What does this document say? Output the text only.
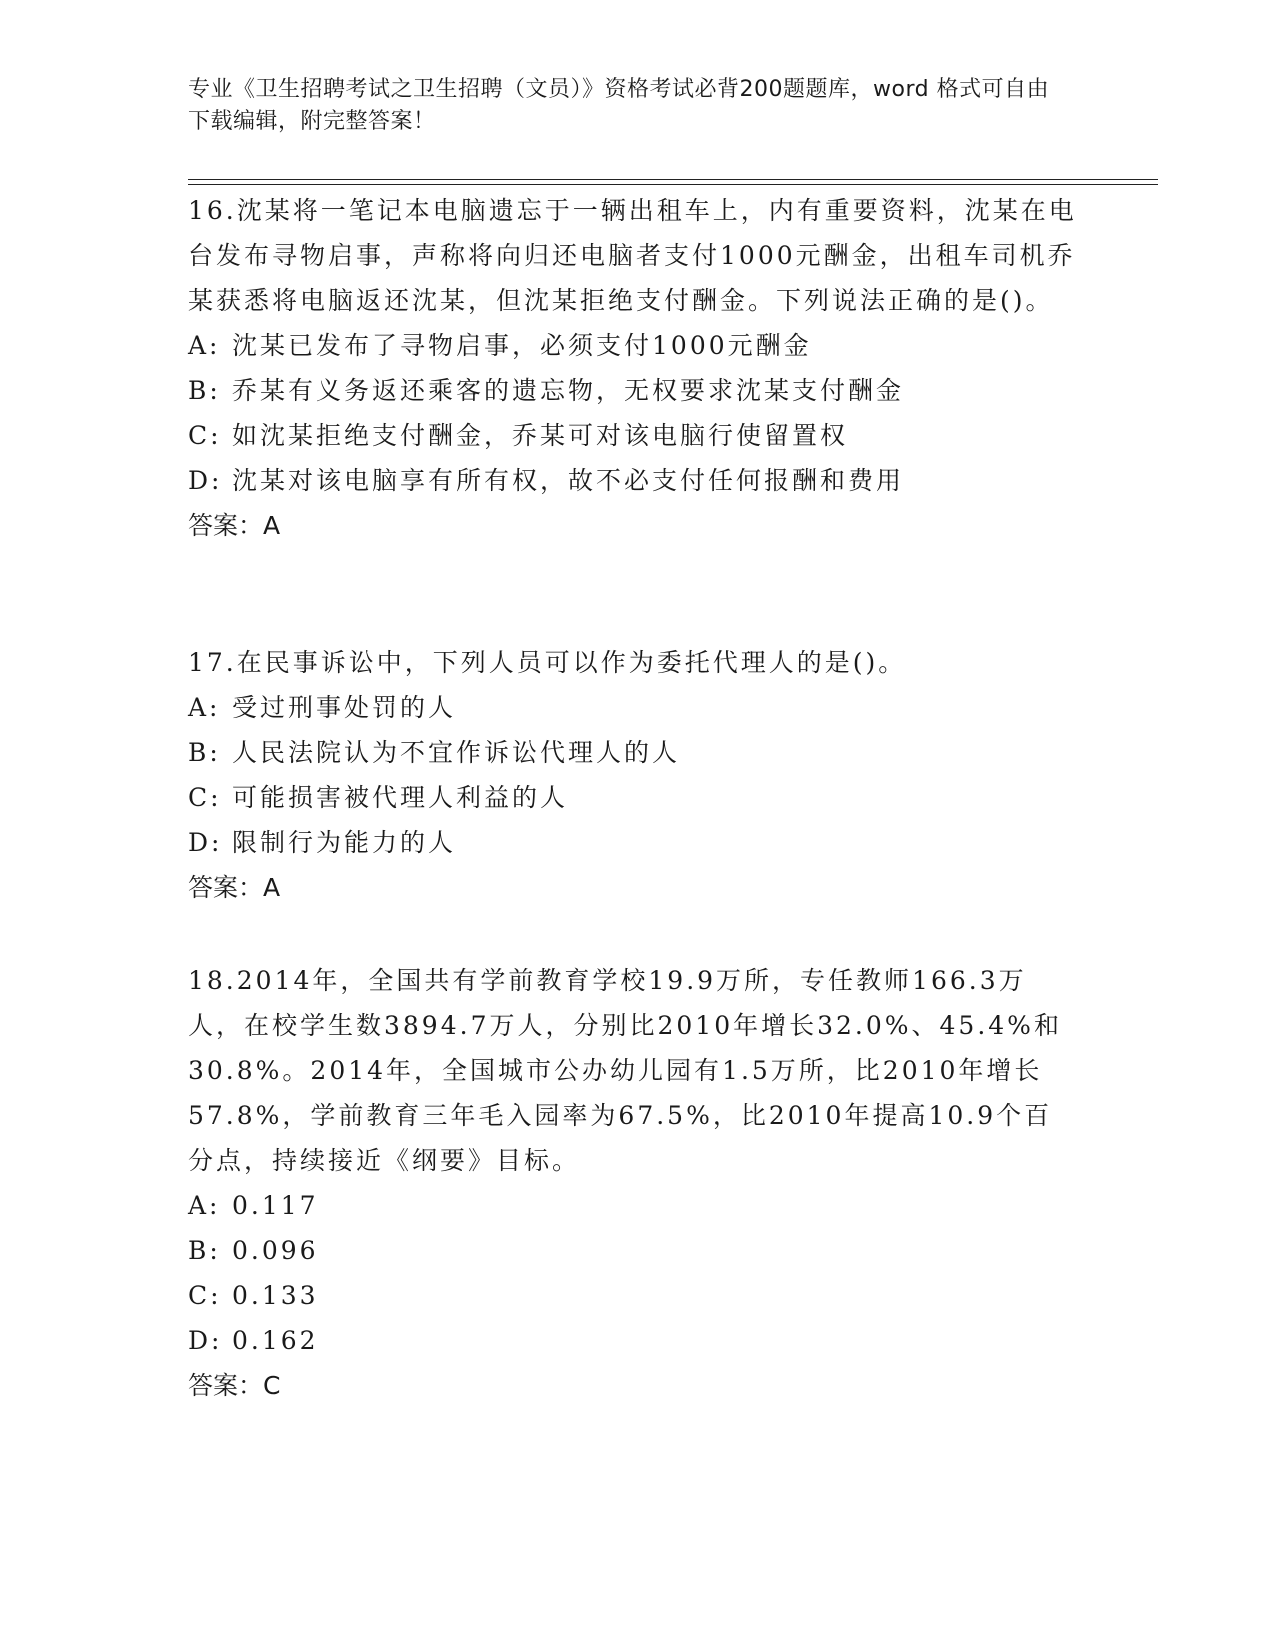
专业《卫生招聘考试之卫生招聘（文员）》资格考试必背200题题库，word 格式可自由下载编辑，附完整答案！

16.沈某将一笔记本电脑遗忘于一辆出租车上，内有重要资料，沈某在电台发布寻物启事，声称将向归还电脑者支付1000元酬金，出租车司机乔某获悉将电脑返还沈某，但沈某拒绝支付酬金。下列说法正确的是()。

A: 沈某已发布了寻物启事，必须支付1000元酬金

B: 乔某有义务返还乘客的遗忘物，无权要求沈某支付酬金

C: 如沈某拒绝支付酬金，乔某可对该电脑行使留置权

D: 沈某对该电脑享有所有权，故不必支付任何报酬和费用

答案：A

17.在民事诉讼中，下列人员可以作为委托代理人的是()。

A: 受过刑事处罚的人

B: 人民法院认为不宜作诉讼代理人的人

C: 可能损害被代理人利益的人

D: 限制行为能力的人

答案：A

18.2014年，全国共有学前教育学校19.9万所，专任教师166.3万人，在校学生数3894.7万人，分别比2010年增长32.0%、45.4%和30.8%。2014年，全国城市公办幼儿园有1.5万所，比2010年增长57.8%，学前教育三年毛入园率为67.5%，比2010年提高10.9个百分点，持续接近《纲要》目标。

A: 0.117

B: 0.096

C: 0.133

D: 0.162

答案：C
